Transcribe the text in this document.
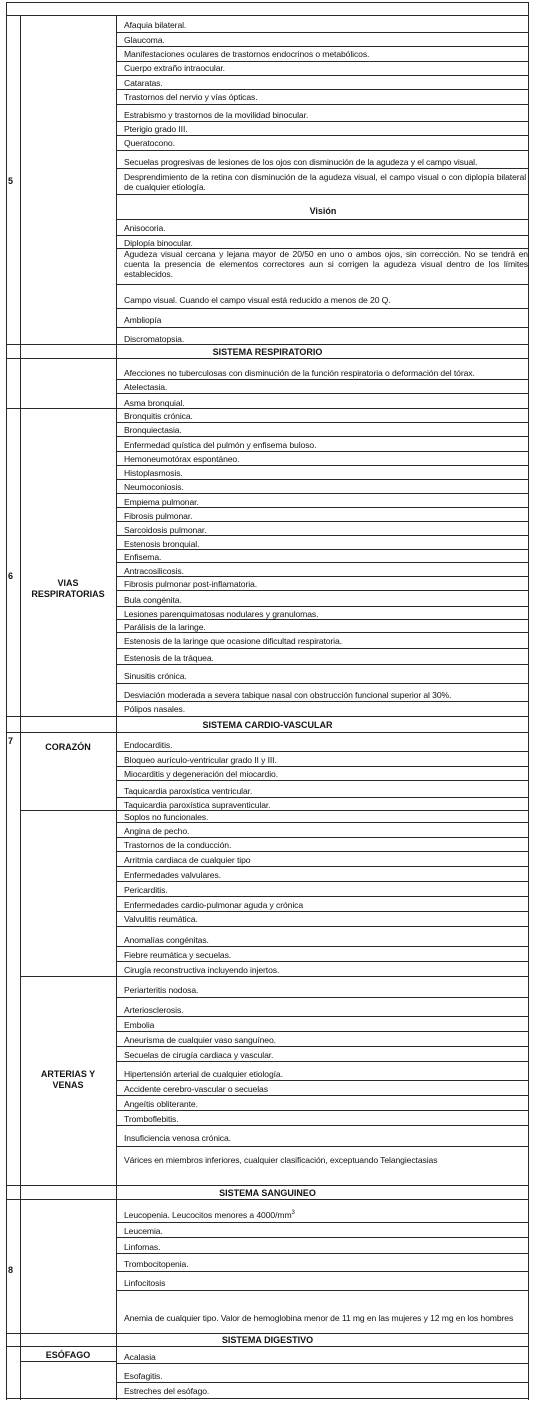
5
Afaquia bilateral.
Glaucoma.
Manifestaciones oculares de trastornos endocrinos o metabólicos.
Cuerpo extraño intraocular.
Cataratas.
Trastornos del nervio y vías ópticas.
Estrabismo y trastornos de la movilidad binocular.
Pterigio grado III.
Queratocono.
Secuelas progresivas de lesiones de los ojos con disminución de la agudeza y el campo visual.
Desprendimiento de la retina con disminución de la agudeza visual, el campo visual o con diplopía bilateral de cualquier etiología.
Visión
Anisocoria.
Diplopía binocular.
Agudeza visual cercana y lejana mayor de 20/50 en uno o ambos ojos, sin corrección. No se tendrá en cuenta la presencia de elementos correctores aun si corrigen la agudeza visual dentro de los límites establecidos.
Campo visual. Cuando el campo visual está reducido a menos de 20 Q.
Ambliopía
Discromatopsia.
SISTEMA RESPIRATORIO
Afecciones no tuberculosas con disminución de la función respiratoria o deformación del tórax.
Atelectasia.
Asma bronquial.
6
VIAS RESPIRATORIAS
Bronquitis crónica.
Bronquiectasia.
Enfermedad quística del pulmón y enfisema buloso.
Hemoneumotórax espontáneo.
Histoplasmosis.
Neumoconiosis.
Empiema pulmonar.
Fibrosis pulmonar.
Sarcoidosis pulmonar.
Estenosis bronquial.
Enfisema.
Antracosilicosis.
Fibrosis pulmonar post-inflamatoria.
Bula congénita.
Lesiones parenquimatosas nodulares y granulomas.
Parálisis de la laringe.
Estenosis de la laringe que ocasione dificultad respiratoria.
Estenosis de la tráquea.
Sinusitis crónica.
Desviación moderada a severa tabique nasal con obstrucción funcional superior al 30%.
Pólipos nasales.
SISTEMA CARDIO-VASCULAR
7
CORAZÓN	Endocarditis.
Bloqueo aurículo-ventricular grado II y III.
Miocarditis y degeneración del miocardio.
Taquicardia paroxística ventricular.
Taquicardia paroxística supraventicular.
Soplos no funcionales.
Angina de pecho.
Trastornos de la conducción.
Arritmia cardiaca de cualquier tipo
Enfermedades valvulares.
Pericarditis.
Enfermedades cardio-pulmonar aguda y crónica
Valvulitis reumática.
Anomalías congénitas.
Fiebre reumática y secuelas.
Cirugía reconstructiva incluyendo injertos.
ARTERIAS Y VENAS
Periarteritis nodosa.
Arteriosclerosis.
Embolia
Aneurisma de cualquier vaso sanguíneo.
Secuelas de cirugía cardiaca y vascular.
Hipertensión arterial de cualquier etiología.
Accidente cerebro-vascular o secuelas
Angeítis obliterante.
Tromboflebitis.
Insuficiencia venosa crónica.
Várices en miembros inferiores, cualquier clasificación, exceptuando Telangiectasias
SISTEMA SANGUINEO
8
Leucopenia. Leucocitos menores a $4000/mm^3$
Leucemia.
Linfomas.
Trombocitopenia.
Linfocitosis
Anemia de cualquier tipo. Valor de hemoglobina menor de 11 mg en las mujeres y 12 mg en los hombres
SISTEMA DIGESTIVO
ESÓFAGO	Acalasia
Esofagitis.
Estreches del esófago.
